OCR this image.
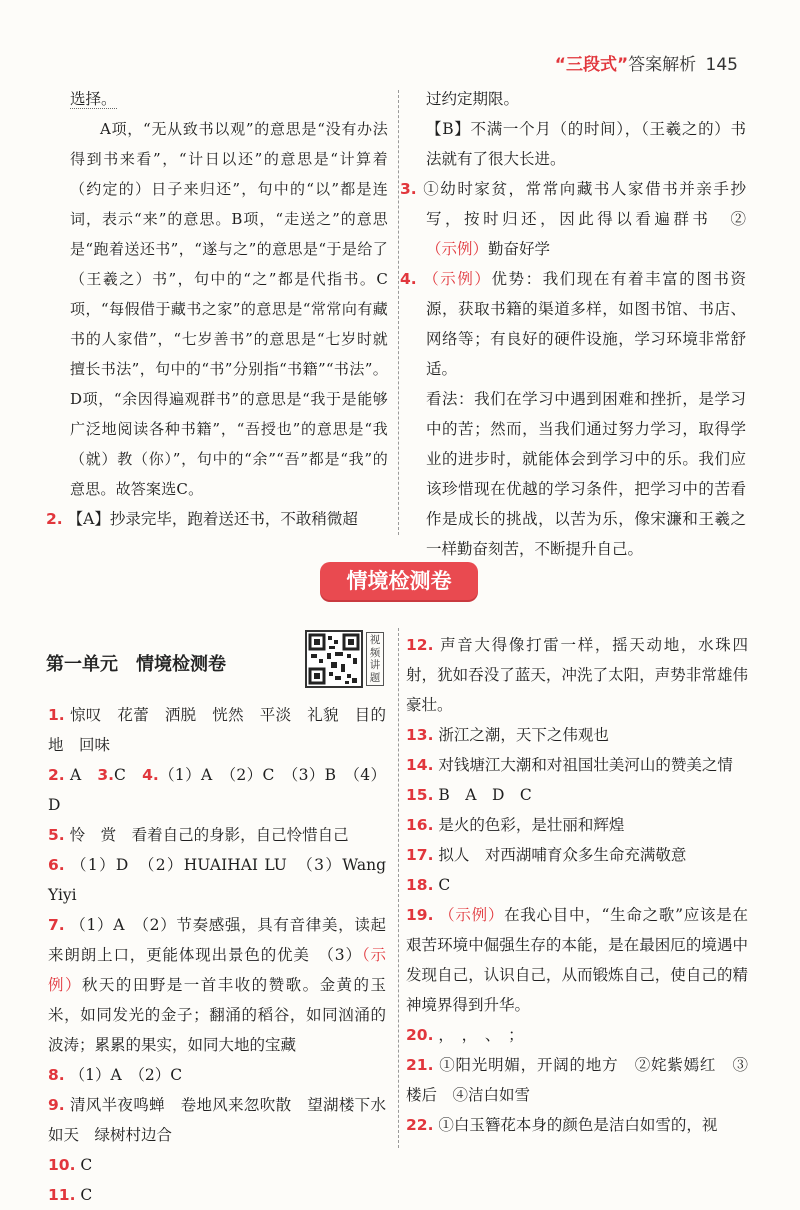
“三段式”答案解析 145

选择。

A项，“无从致书以观”的意思是“没有办法得到书来看”，“计日以还”的意思是“计算着（约定的）日子来归还”，句中的“以”都是连词，表示“来”的意思。B项，“走送之”的意思是“跑着送还书”，“遂与之”的意思是“于是给了（王羲之）书”，句中的“之”都是代指书。C项，“每假借于藏书之家”的意思是“常常向有藏书的人家借”，“七岁善书”的意思是“七岁时就擅长书法”，句中的“书”分别指“书籍”“书法”。D项，“余因得遍观群书”的意思是“我于是能够广泛地阅读各种书籍”，“吾授也”的意思是“我（就）教（你）”，句中的“余”“吾”都是“我”的意思。故答案选C。

2. 【A】抄录完毕，跑着送还书，不敢稍微超

过约定期限。

【B】不满一个月（的时间），（王羲之的）书法就有了很大长进。

3. ①幼时家贫，常常向藏书人家借书并亲手抄写，按时归还，因此得以看遍群书　②（示例）勤奋好学

4. （示例）优势：我们现在有着丰富的图书资源，获取书籍的渠道多样，如图书馆、书店、网络等；有良好的硬件设施，学习环境非常舒适。

看法：我们在学习中遇到困难和挫折，是学习中的苦；然而，当我们通过努力学习，取得学业的进步时，就能体会到学习中的乐。我们应该珍惜现在优越的学习条件，把学习中的苦看作是成长的挑战，以苦为乐，像宋濂和王羲之一样勤奋刻苦，不断提升自己。

情境检测卷
第一单元　情境检测卷
视频讲题

1. 惊叹　花蕾　洒脱　恍然　平淡　礼貌　目的地　回味

2. A　3.C　4.（1）A　（2）C　（3）B　（4）D

5. 怜　赏　看着自己的身影，自己怜惜自己

6. （1）D　（2）HUAIHAI LU　（3）Wang Yiyi

7. （1）A　（2）节奏感强，具有音律美，读起来朗朗上口，更能体现出景色的优美　（3）（示例）秋天的田野是一首丰收的赞歌。金黄的玉米，如同发光的金子；翻涌的稻谷，如同汹涌的波涛；累累的果实，如同大地的宝藏

8. （1）A　（2）C

9. 清风半夜鸣蝉　卷地风来忽吹散　望湖楼下水如天　绿树村边合

10. C

11. C

12. 声音大得像打雷一样，摇天动地，水珠四射，犹如吞没了蓝天，冲洗了太阳，声势非常雄伟豪壮。

13. 浙江之潮，天下之伟观也

14. 对钱塘江大潮和对祖国壮美河山的赞美之情

15. B　A　D　C

16. 是火的色彩，是壮丽和辉煌

17. 拟人　对西湖哺育众多生命充满敬意

18. C

19. （示例）在我心目中，“生命之歌”应该是在艰苦环境中倔强生存的本能，是在最困厄的境遇中发现自己，认识自己，从而锻炼自己，使自己的精神境界得到升华。

20. ，　，　、　；

21. ①阳光明媚，开阔的地方　②姹紫嫣红　③楼后　④洁白如雪

22. ①白玉簪花本身的颜色是洁白如雪的，视
